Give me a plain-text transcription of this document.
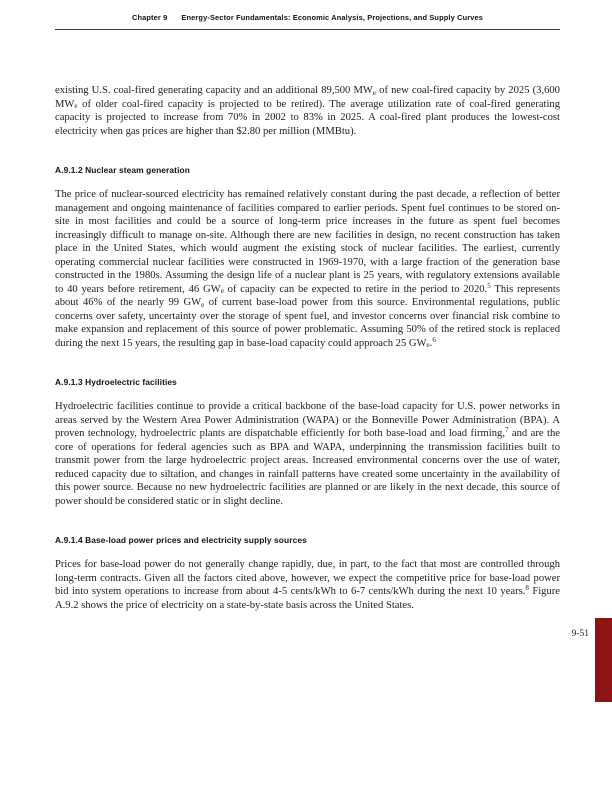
Chapter 9 Energy-Sector Fundamentals: Economic Analysis, Projections, and Supply Curves

existing U.S. coal-fired generating capacity and an additional 89,500 $MW_e$ of new coal-fired capacity by 2025 (3,600 $MW_e$ of older coal-fired capacity is projected to be retired). The average utilization rate of coal-fired generating capacity is projected to increase from 70% in 2002 to 83% in 2025. A coal-fired plant produces the lowest-cost electricity when gas prices are higher than $2.80 per million (MMBtu).

A.9.1.2 Nuclear steam generation

The price of nuclear-sourced electricity has remained relatively constant during the past decade, a reflection of better management and ongoing maintenance of facilities compared to earlier periods. Spent fuel continues to be stored on-site in most facilities and could be a source of long-term price increases in the future as spent fuel becomes increasingly difficult to manage on-site. Although there are new facilities in design, no recent construction has taken place in the United States, which would augment the existing stock of nuclear facilities. The earliest, currently operating commercial nuclear facilities were constructed in 1969-1970, with a large fraction of the generation base constructed in the 1980s. Assuming the design life of a nuclear plant is 25 years, with regulatory extensions available to 40 years before retirement, 46 $GW_e$ of capacity can be expected to retire in the period to 2020.$^5$ This represents about 46% of the nearly 99 $GW_e$ of current base-load power from this source. Environmental regulations, public concerns over safety, uncertainty over the storage of spent fuel, and investor concerns over financial risk combine to make expansion and replacement of this source of power problematic. Assuming 50% of the retired stock is replaced during the next 15 years, the resulting gap in base-load capacity could approach 25 $GW_e.^6$

A.9.1.3 Hydroelectric facilities

Hydroelectric facilities continue to provide a critical backbone of the base-load capacity for U.S. power networks in areas served by the Western Area Power Administration (WAPA) or the Bonneville Power Administration (BPA). A proven technology, hydroelectric plants are dispatchable efficiently for both base-load and load firming,$^7$ and are the core of operations for federal agencies such as BPA and WAPA, underpinning the transmission facilities built to transmit power from the large hydroelectric project areas. Increased environmental concerns over the use of water, reduced capacity due to siltation, and changes in rainfall patterns have created some uncertainty in the availability of this power source. Because no new hydroelectric facilities are planned or are likely in the next decade, this source of power should be considered static or in slight decline.

A.9.1.4 Base-load power prices and electricity supply sources

Prices for base-load power do not generally change rapidly, due, in part, to the fact that most are controlled through long-term contracts. Given all the factors cited above, however, we expect the competitive price for base-load power bid into system operations to increase from about 4-5 cents/kWh to 6-7 cents/kWh during the next 10 years.$^8$ Figure A.9.2 shows the price of electricity on a state-by-state basis across the United States.

9-51
